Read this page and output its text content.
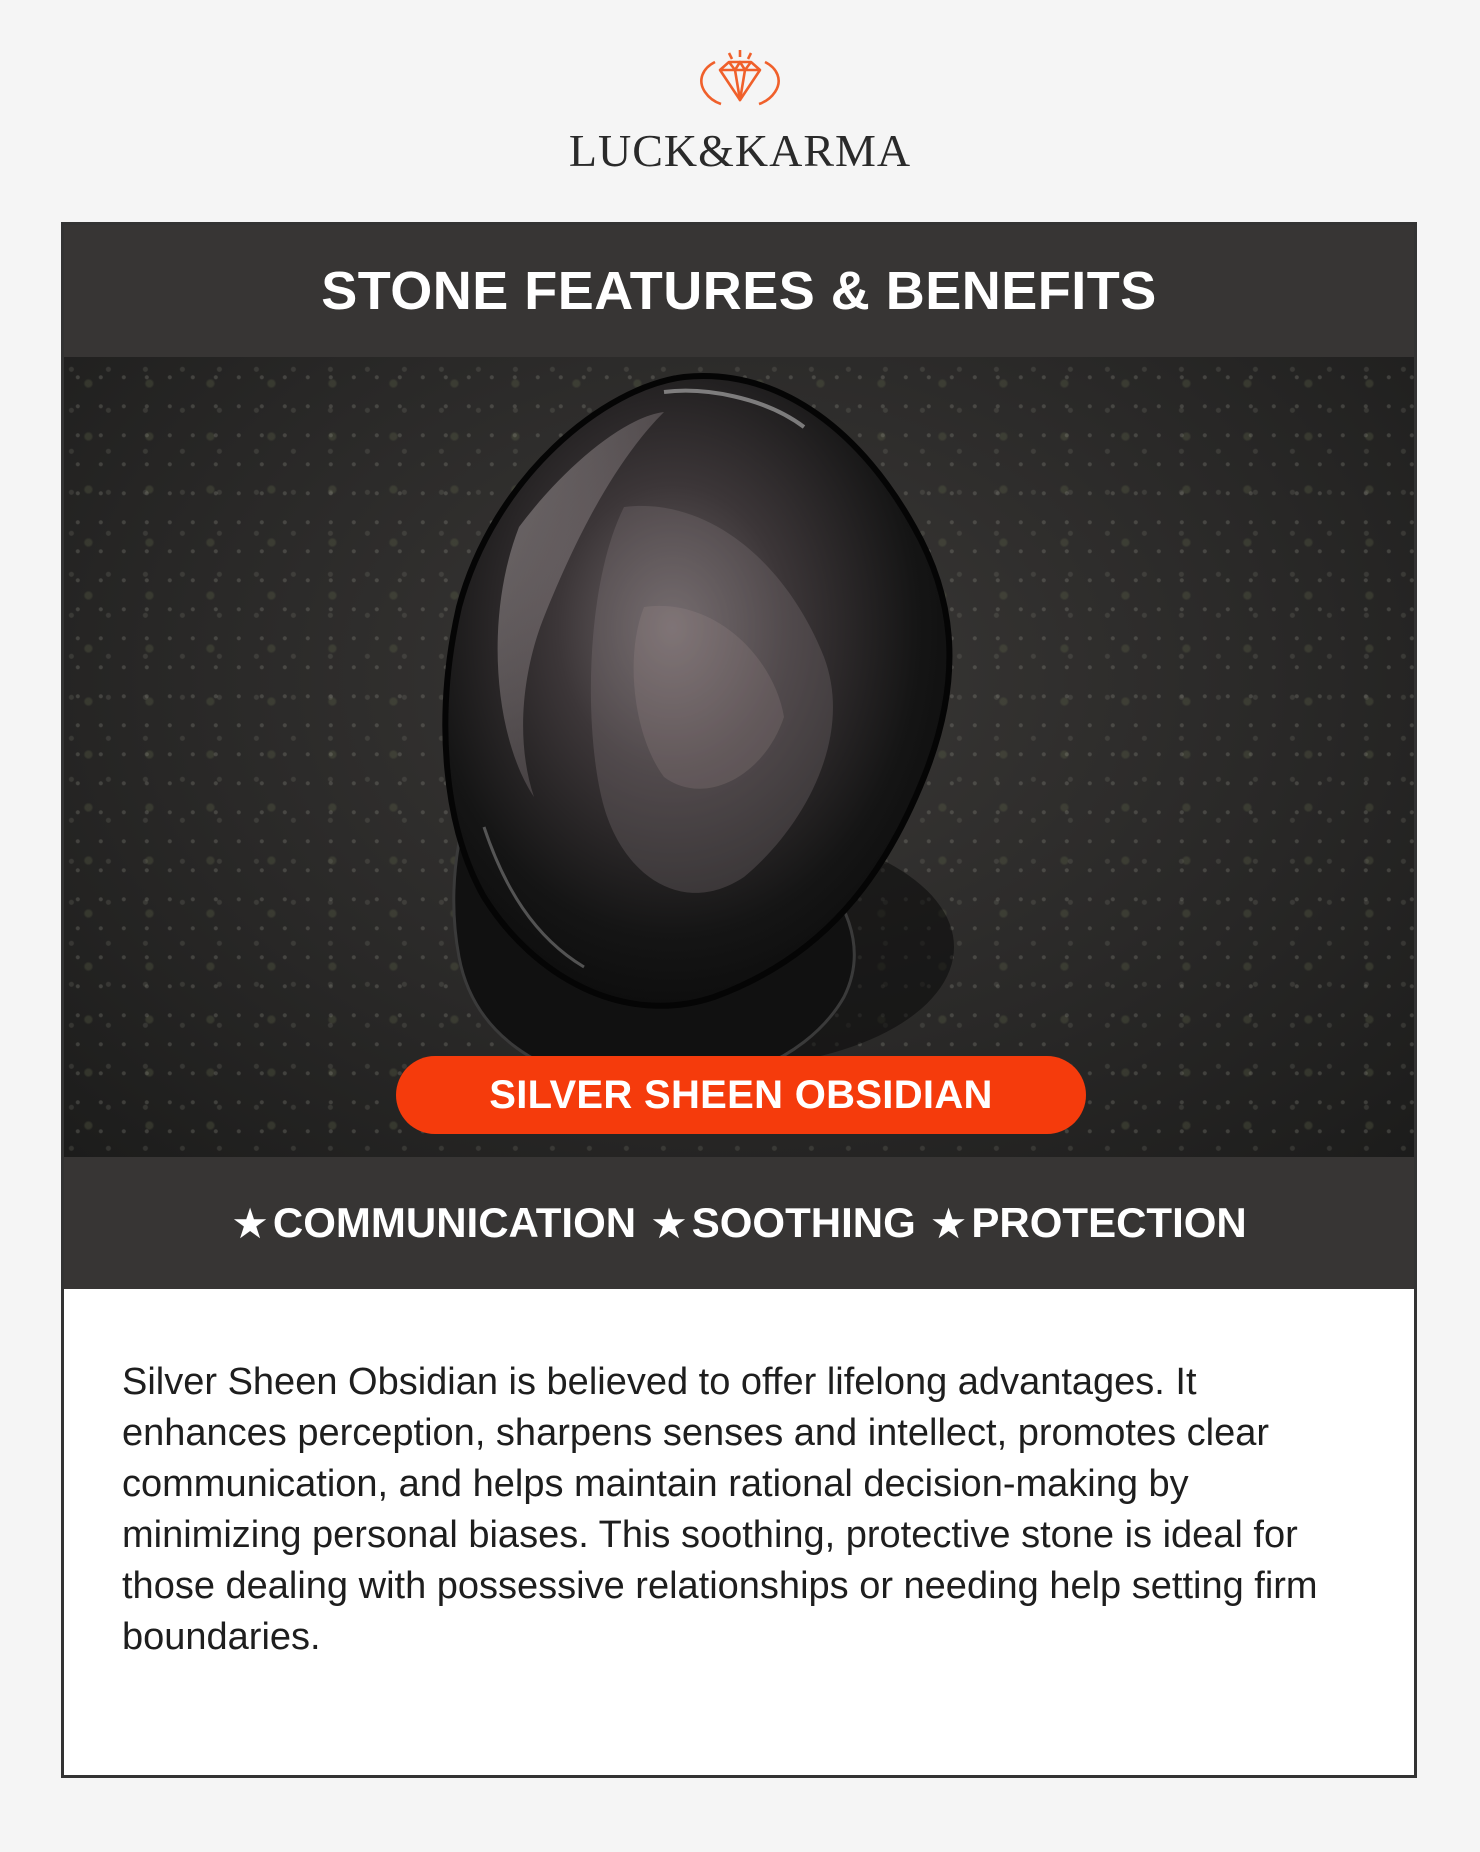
LUCK&KARMA
STONE FEATURES & BENEFITS
SILVER SHEEN OBSIDIAN
★ COMMUNICATION ★ SOOTHING ★ PROTECTION
Silver Sheen Obsidian is believed to offer lifelong advantages. It enhances perception, sharpens senses and intellect, promotes clear communication, and helps maintain rational decision-making by minimizing personal biases. This soothing, protective stone is ideal for those dealing with possessive relationships or needing help setting firm boundaries.
